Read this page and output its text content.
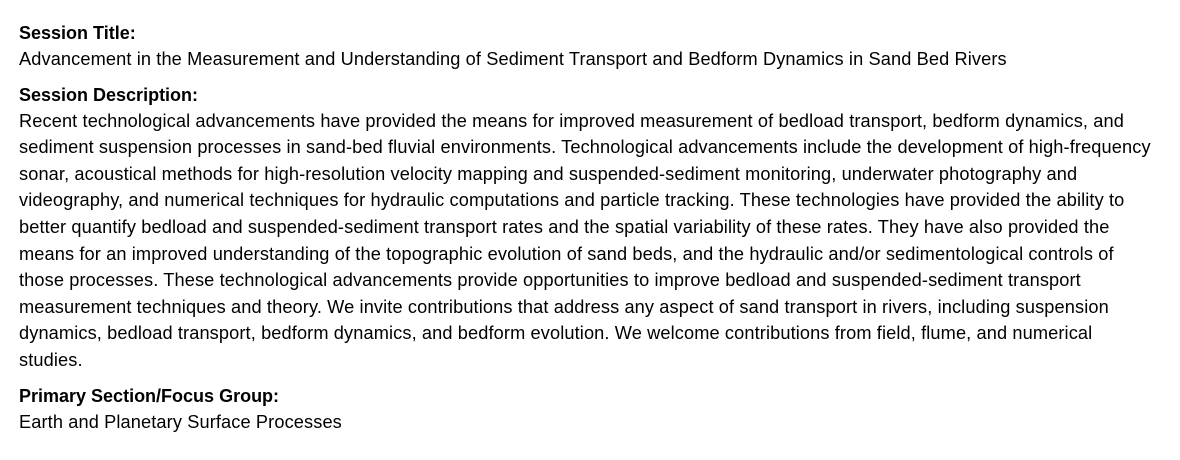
Session Title:
Advancement in the Measurement and Understanding of Sediment Transport and Bedform Dynamics in Sand Bed Rivers
Session Description:
Recent technological advancements have provided the means for improved measurement of bedload transport, bedform dynamics, and sediment suspension processes in sand-bed fluvial environments. Technological advancements include the development of high-frequency sonar, acoustical methods for high-resolution velocity mapping and suspended-sediment monitoring, underwater photography and videography, and numerical techniques for hydraulic computations and particle tracking. These technologies have provided the ability to better quantify bedload and suspended-sediment transport rates and the spatial variability of these rates. They have also provided the means for an improved understanding of the topographic evolution of sand beds, and the hydraulic and/or sedimentological controls of those processes. These technological advancements provide opportunities to improve bedload and suspended-sediment transport measurement techniques and theory. We invite contributions that address any aspect of sand transport in rivers, including suspension dynamics, bedload transport, bedform dynamics, and bedform evolution. We welcome contributions from field, flume, and numerical studies.
Primary Section/Focus Group:
Earth and Planetary Surface Processes
